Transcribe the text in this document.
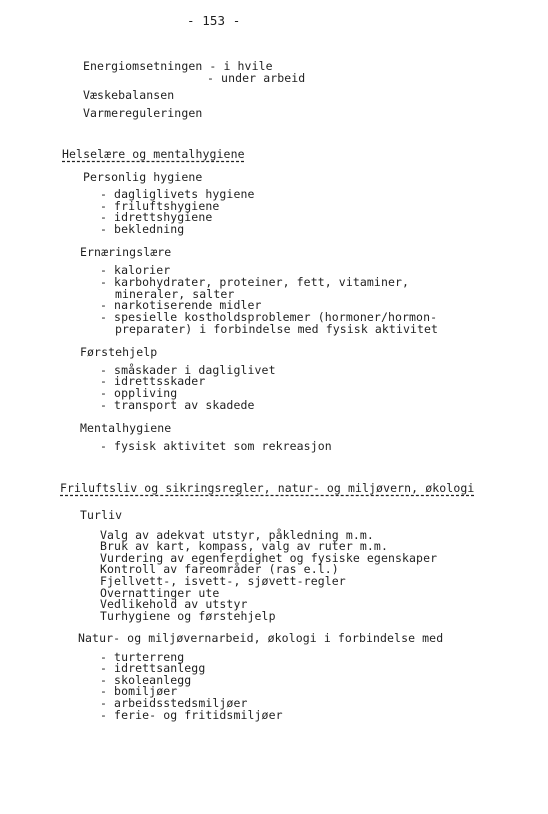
- 153 -
Energiomsetningen - i hvile
- under arbeid
Væskebalansen
Varmereguleringen
Helselære og mentalhygiene
Personlig hygiene
- dagliglivets hygiene
- friluftshygiene
- idrettshygiene
- bekledning
Ernæringslære
- kalorier
- karbohydrater, proteiner, fett, vitaminer,
mineraler, salter
- narkotiserende midler
- spesielle kostholdsproblemer (hormoner/hormon-
preparater) i forbindelse med fysisk aktivitet
Førstehjelp
- småskader i dagliglivet
- idrettsskader
- oppliving
- transport av skadede
Mentalhygiene
- fysisk aktivitet som rekreasjon
Friluftsliv og sikringsregler, natur- og miljøvern, økologi
Turliv
Valg av adekvat utstyr, påkledning m.m.
Bruk av kart, kompass, valg av ruter m.m.
Vurdering av egenferdighet og fysiske egenskaper
Kontroll av fareområder (ras e.l.)
Fjellvett-, isvett-, sjøvett-regler
Overnattinger ute
Vedlikehold av utstyr
Turhygiene og førstehjelp
Natur- og miljøvernarbeid, økologi i forbindelse med
- turterreng
- idrettsanlegg
- skoleanlegg
- bomiljøer
- arbeidsstedsmiljøer
- ferie- og fritidsmiljøer
